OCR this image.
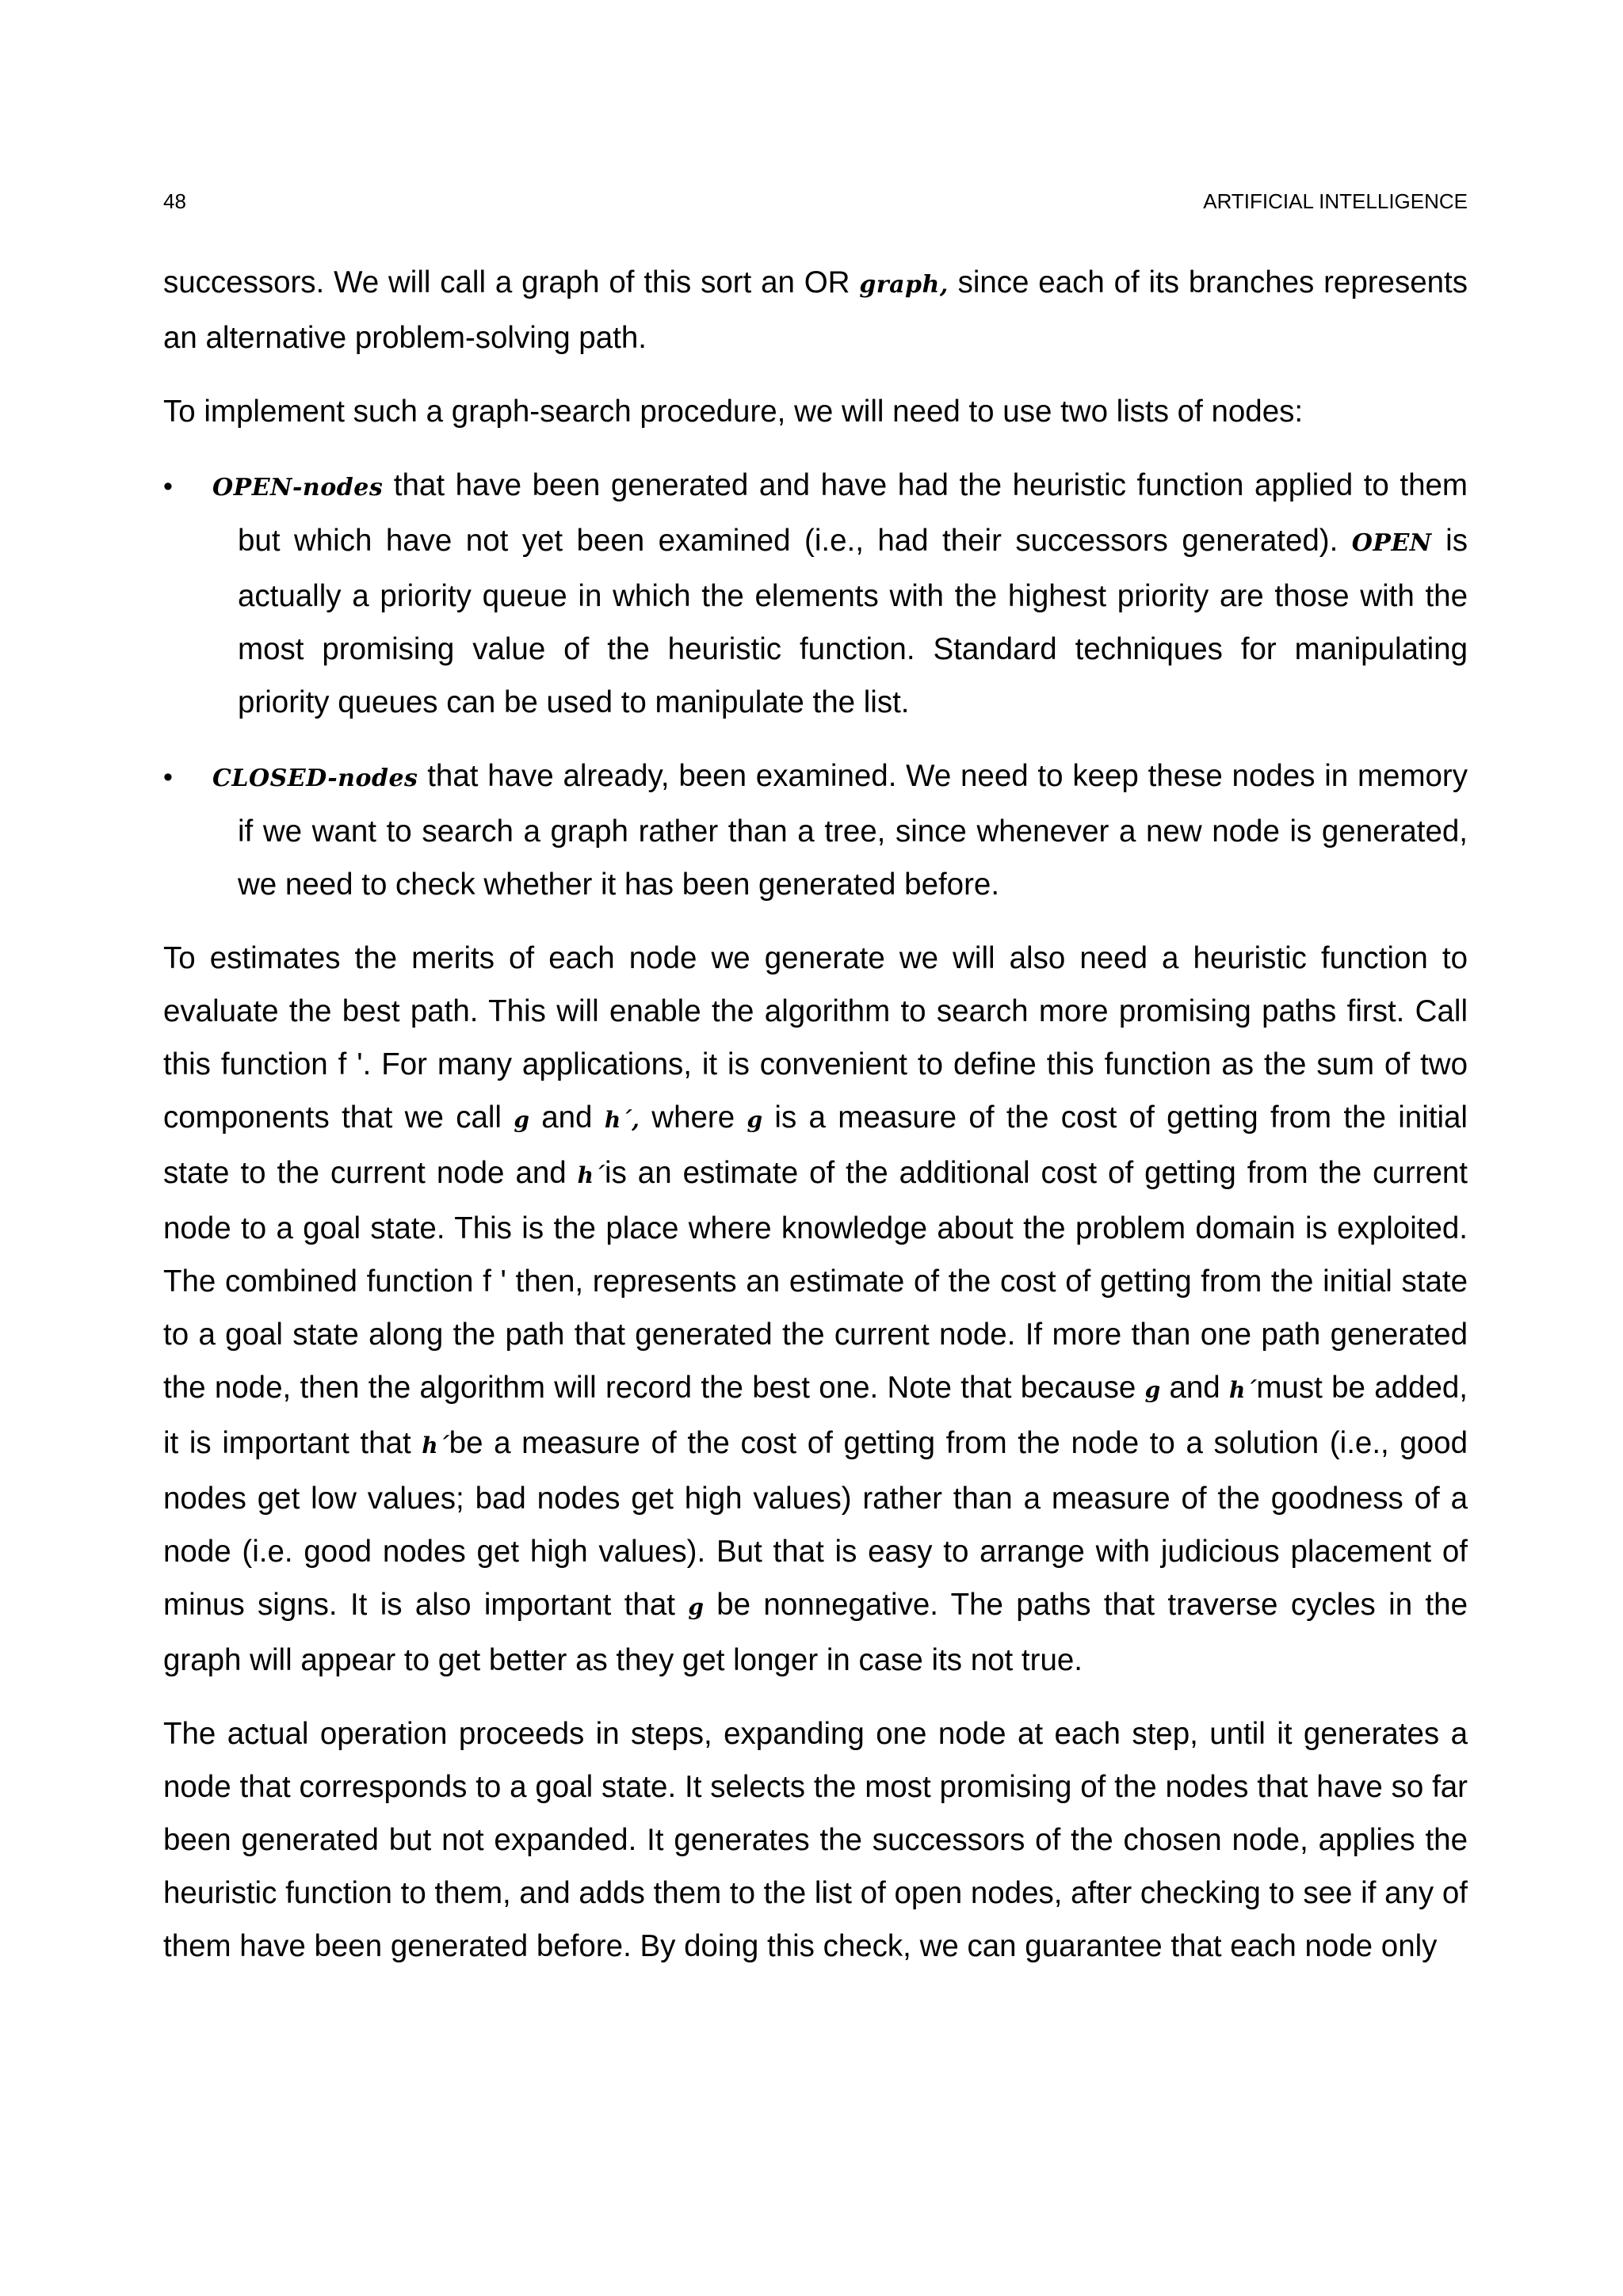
48	ARTIFICIAL INTELLIGENCE

successors. We will call a graph of this sort an OR graph, since each of its branches represents an alternative problem-solving path.

To implement such a graph-search procedure, we will need to use two lists of nodes:

• OPEN-nodes that have been generated and have had the heuristic function applied to them but which have not yet been examined (i.e., had their successors generated). OPEN is actually a priority queue in which the elements with the highest priority are those with the most promising value of the heuristic function. Standard techniques for manipulating priority queues can be used to manipulate the list.
• CLOSED-nodes that have already, been examined. We need to keep these nodes in memory if we want to search a graph rather than a tree, since whenever a new node is generated, we need to check whether it has been generated before.

To estimates the merits of each node we generate we will also need a heuristic function to evaluate the best path. This will enable the algorithm to search more promising paths first. Call this function f '. For many applications, it is convenient to define this function as the sum of two components that we call g and h´, where g is a measure of the cost of getting from the initial state to the current node and h´is an estimate of the additional cost of getting from the current node to a goal state. This is the place where knowledge about the problem domain is exploited. The combined function f ' then, represents an estimate of the cost of getting from the initial state to a goal state along the path that generated the current node. If more than one path generated the node, then the algorithm will record the best one. Note that because g and h´must be added, it is important that h´be a measure of the cost of getting from the node to a solution (i.e., good nodes get low values; bad nodes get high values) rather than a measure of the goodness of a node (i.e. good nodes get high values). But that is easy to arrange with judicious placement of minus signs. It is also important that g be nonnegative. The paths that traverse cycles in the graph will appear to get better as they get longer in case its not true.

The actual operation proceeds in steps, expanding one node at each step, until it generates a node that corresponds to a goal state. It selects the most promising of the nodes that have so far been generated but not expanded. It generates the successors of the chosen node, applies the heuristic function to them, and adds them to the list of open nodes, after checking to see if any of them have been generated before. By doing this check, we can guarantee that each node only
